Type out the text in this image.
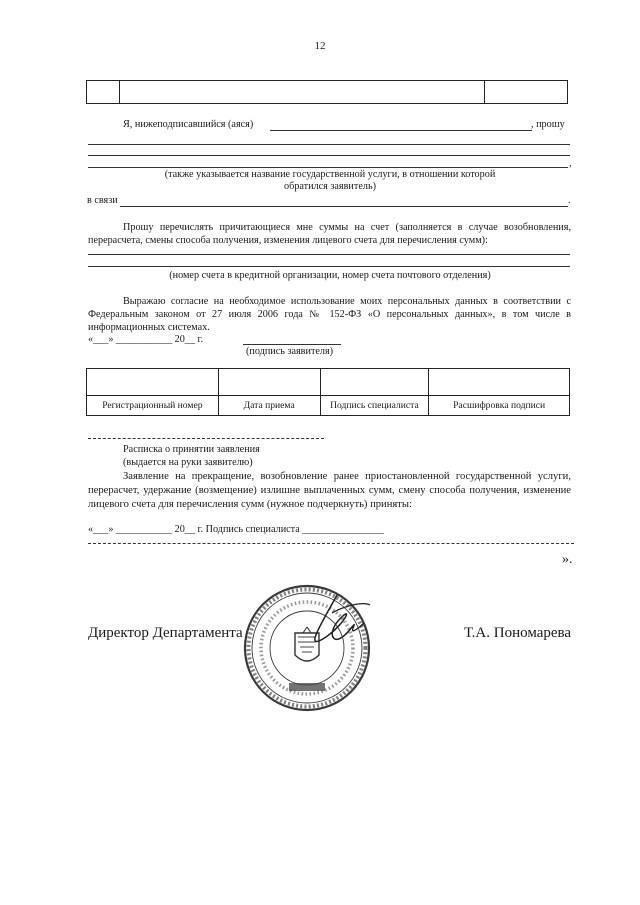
12

Я, нижеподписавшийся (аяся)	, прошу
,
(также указывается название государственной услуги, в отношении которой
обратился заявитель)
в связи	.
Прошу перечислять причитающиеся мне суммы на счет (заполняется в случае возобновления, перерасчета, смены способа получения, изменения лицевого счета для перечисления сумм):
(номер счета в кредитной организации, номер счета почтового отделения)
Выражаю согласие на необходимое использование моих персональных данных в соответствии с Федеральным законом от 27 июля 2006 года № 152-ФЗ «О персональных данных», в том числе в информационных системах.
«___» ___________ 20__ г.
(подпись заявителя)

Регистрационный номер	Дата приема	Подпись специалиста	Расшифровка подписи
Расписка о принятии заявления
(выдается на руки заявителю)
Заявление на прекращение, возобновление ранее приостановленной государственной услуги, перерасчет, удержание (возмещение) излишне выплаченных сумм, смену способа получения, изменение лицевого счета для перечисления сумм (нужное подчеркнуть) приняты:
«___» ___________ 20__ г. Подпись специалиста ________________
».
Директор Департамента	Т.А. Пономарева
